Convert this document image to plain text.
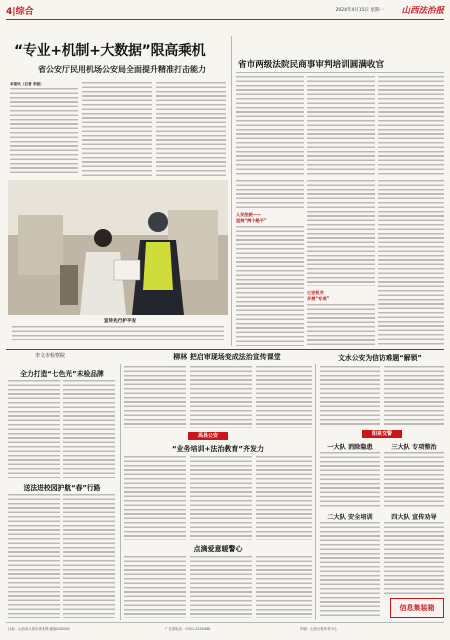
4|综合	2024年4月15日 星期一 山西法治报
“专业+机制+大数据”限高乘机
省公安厅民用机场公安局全面提升精准打击能力
本报讯（记者 李强）
宣传先行护平安
省市两级法院民商事审判培训圆满收官
人民法院——
坚持“两个绝不”
公安机关
开展“专项”
李文市检察院	柳林 把启审现场变成法治宣传课堂	文水公安为信访难题“解锁”
全力打造“七色光”未检品牌
送法进校园护航“春”行路
高县公安
“业务培训+法治教育”齐发力
点滴爱意暖警心
阳泉交警
一大队 消除隐患	三大队 专项整治
二大队 安全培训	四大队 宣传劝导
信息集装箱
社址：山西省太原市漳北路·邮编030006	广告部电话：0351-3256388	印刷：山西日报印务中心
